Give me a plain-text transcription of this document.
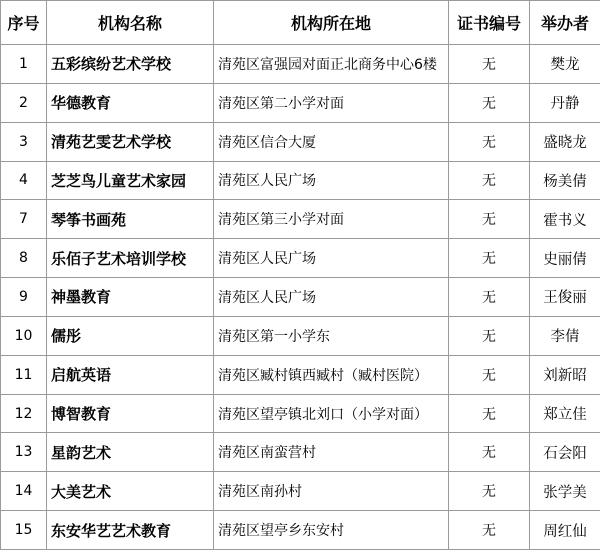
序号	机构名称	机构所在地	证书编号	举办者
1	五彩缤纷艺术学校	清苑区富强园对面正北商务中心6楼	无	樊龙
2	华德教育	清苑区第二小学对面	无	丹静
3	清苑艺雯艺术学校	清苑区信合大厦	无	盛晓龙
4	芝芝鸟儿童艺术家园	清苑区人民广场	无	杨美倩
7	琴筝书画苑	清苑区第三小学对面	无	霍书义
8	乐佰子艺术培训学校	清苑区人民广场	无	史丽倩
9	神墨教育	清苑区人民广场	无	王俊丽
10	儒彤	清苑区第一小学东	无	李倩
11	启航英语	清苑区臧村镇西臧村（臧村医院）	无	刘新昭
12	博智教育	清苑区望亭镇北刘口（小学对面）	无	郑立佳
13	星韵艺术	清苑区南蛮营村	无	石会阳
14	大美艺术	清苑区南孙村	无	张学美
15	东安华艺艺术教育	清苑区望亭乡东安村	无	周红仙
